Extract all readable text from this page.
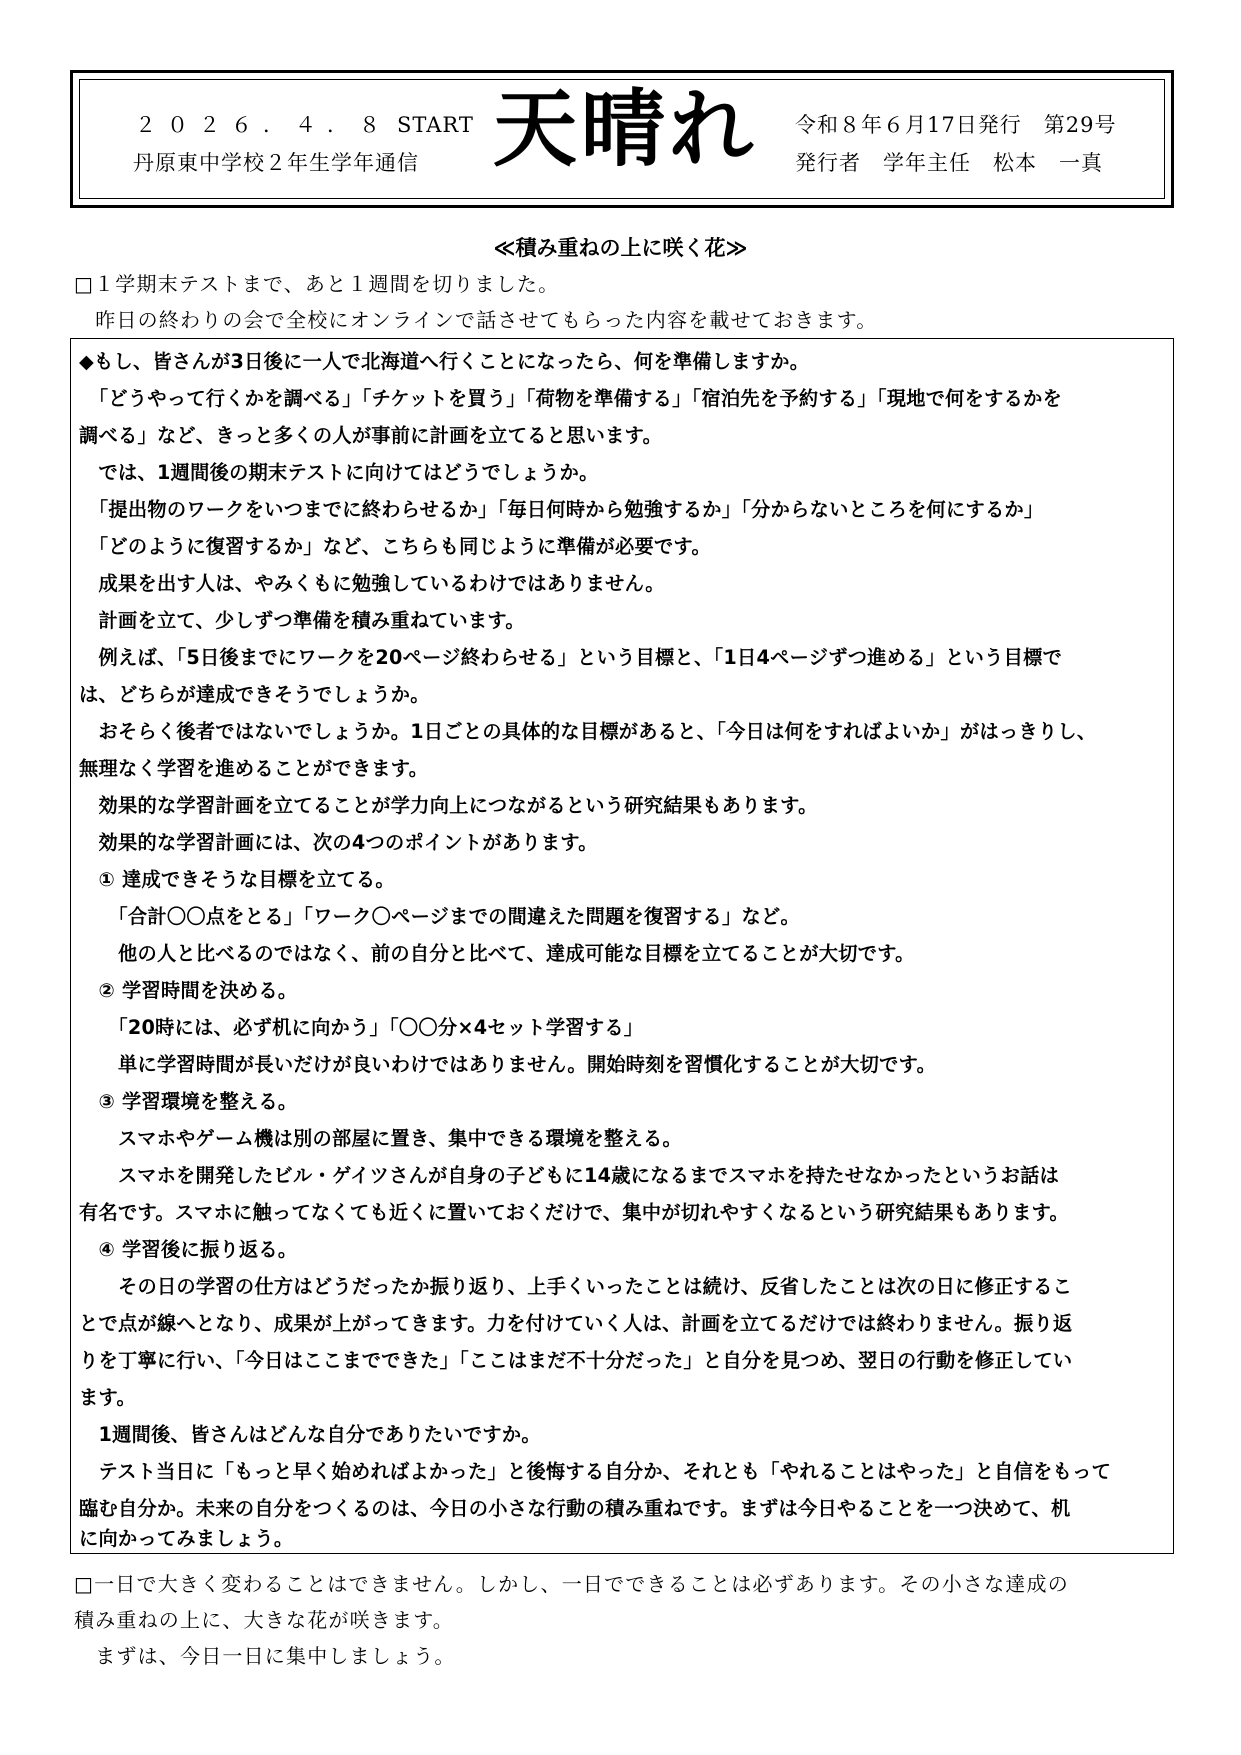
２０２６．４．８ START
丹原東中学校２年生学年通信 天晴れ 令和８年６月17日発行　第29号
発行者　学年主任　松本　一真
≪積み重ねの上に咲く花≫
□１学期末テストまで、あと１週間を切りました。
　昨日の終わりの会で全校にオンラインで話させてもらった内容を載せておきます。
◆もし、皆さんが3日後に一人で北海道へ行くことになったら、何を準備しますか。
　「どうやって行くかを調べる」「チケットを買う」「荷物を準備する」「宿泊先を予約する」「現地で何をするかを
調べる」など、きっと多くの人が事前に計画を立てると思います。
　では、1週間後の期末テストに向けてはどうでしょうか。
　「提出物のワークをいつまでに終わらせるか」「毎日何時から勉強するか」「分からないところを何にするか」
　「どのように復習するか」など、こちらも同じように準備が必要です。
　成果を出す人は、やみくもに勉強しているわけではありません。
　計画を立て、少しずつ準備を積み重ねています。
　例えば、「5日後までにワークを20ページ終わらせる」という目標と、「1日4ページずつ進める」という目標で
は、どちらが達成できそうでしょうか。
　おそらく後者ではないでしょうか。1日ごとの具体的な目標があると、「今日は何をすればよいか」がはっきりし、
無理なく学習を進めることができます。
　効果的な学習計画を立てることが学力向上につながるという研究結果もあります。
　効果的な学習計画には、次の4つのポイントがあります。
　① 達成できそうな目標を立てる。
　　「合計〇〇点をとる」「ワーク〇ページまでの間違えた問題を復習する」など。
　　他の人と比べるのではなく、前の自分と比べて、達成可能な目標を立てることが大切です。
　② 学習時間を決める。
　　「20時には、必ず机に向かう」「〇〇分×4セット学習する」
　　単に学習時間が長いだけが良いわけではありません。開始時刻を習慣化することが大切です。
　③ 学習環境を整える。
　　スマホやゲーム機は別の部屋に置き、集中できる環境を整える。
　　スマホを開発したビル・ゲイツさんが自身の子どもに14歳になるまでスマホを持たせなかったというお話は
有名です。スマホに触ってなくても近くに置いておくだけで、集中が切れやすくなるという研究結果もあります。
　④ 学習後に振り返る。
　　その日の学習の仕方はどうだったか振り返り、上手くいったことは続け、反省したことは次の日に修正するこ
とで点が線へとなり、成果が上がってきます。力を付けていく人は、計画を立てるだけでは終わりません。振り返
りを丁寧に行い、「今日はここまでできた」「ここはまだ不十分だった」と自分を見つめ、翌日の行動を修正してい
ます。
　1週間後、皆さんはどんな自分でありたいですか。
　テスト当日に「もっと早く始めればよかった」と後悔する自分か、それとも「やれることはやった」と自信をもって
臨む自分か。未来の自分をつくるのは、今日の小さな行動の積み重ねです。まずは今日やることを一つ決めて、机
に向かってみましょう。
□一日で大きく変わることはできません。しかし、一日でできることは必ずあります。その小さな達成の
積み重ねの上に、大きな花が咲きます。
　まずは、今日一日に集中しましょう。
